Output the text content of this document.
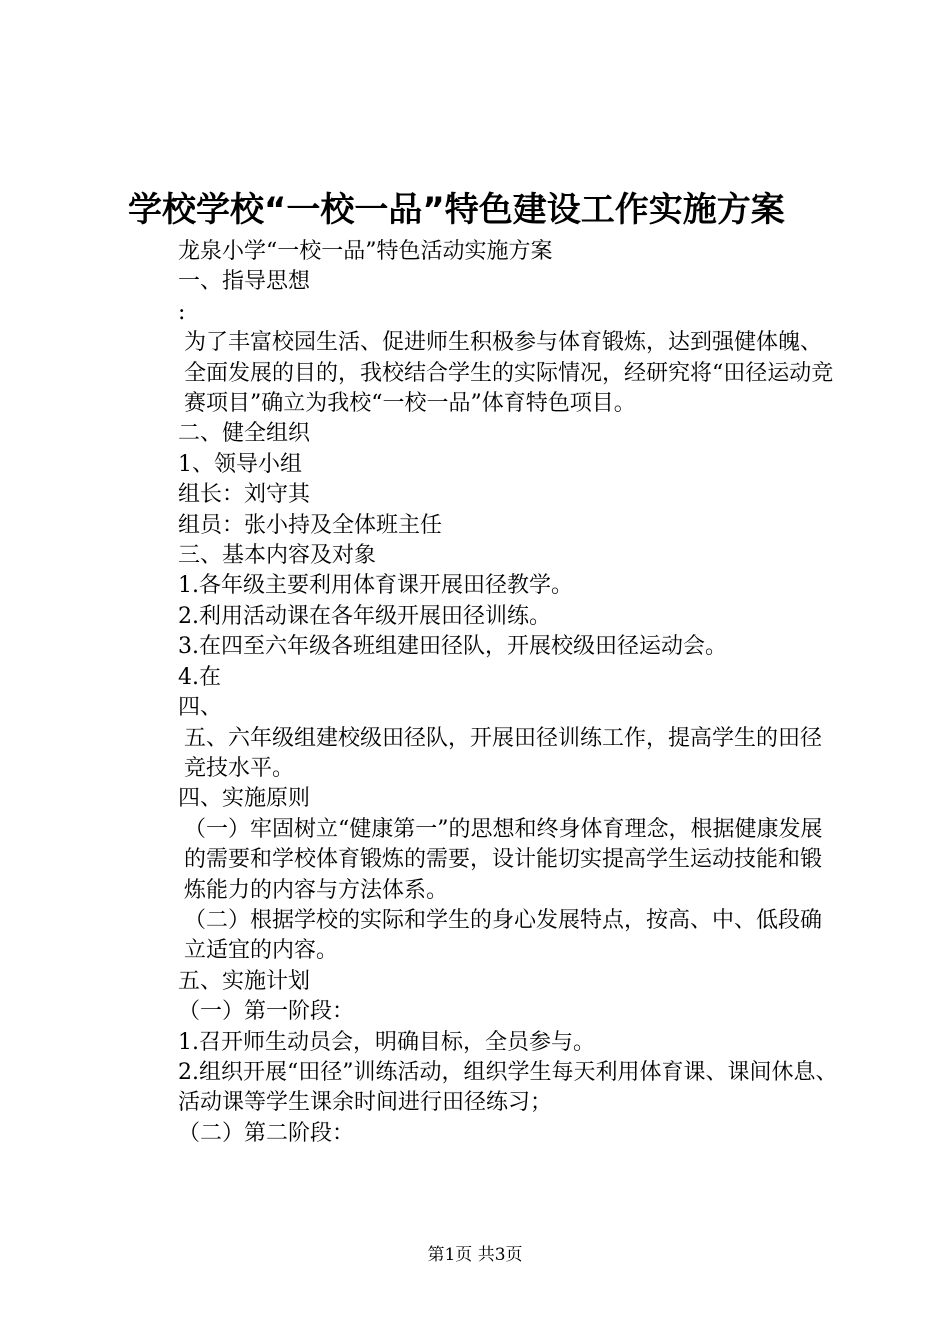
学校学校“一校一品”特色建设工作实施方案

龙泉小学“一校一品”特色活动实施方案

一、指导思想

:

为了丰富校园生活、促进师生积极参与体育锻炼，达到强健体魄、全面发展的目的，我校结合学生的实际情况，经研究将“田径运动竞赛项目”确立为我校“一校一品”体育特色项目。

二、健全组织

1、领导小组

组长：刘守其

组员：张小持及全体班主任

三、基本内容及对象

1.各年级主要利用体育课开展田径教学。

2.利用活动课在各年级开展田径训练。

3.在四至六年级各班组建田径队，开展校级田径运动会。

4.在

四、

五、六年级组建校级田径队，开展田径训练工作，提高学生的田径竞技水平。

四、实施原则

（一）牢固树立“健康第一”的思想和终身体育理念，根据健康发展的需要和学校体育锻炼的需要，设计能切实提高学生运动技能和锻炼能力的内容与方法体系。

（二）根据学校的实际和学生的身心发展特点，按高、中、低段确立适宜的内容。

五、实施计划

（一）第一阶段：

1.召开师生动员会，明确目标，全员参与。

2.组织开展“田径”训练活动，组织学生每天利用体育课、课间休息、活动课等学生课余时间进行田径练习；

（二）第二阶段：

第1页 共3页
